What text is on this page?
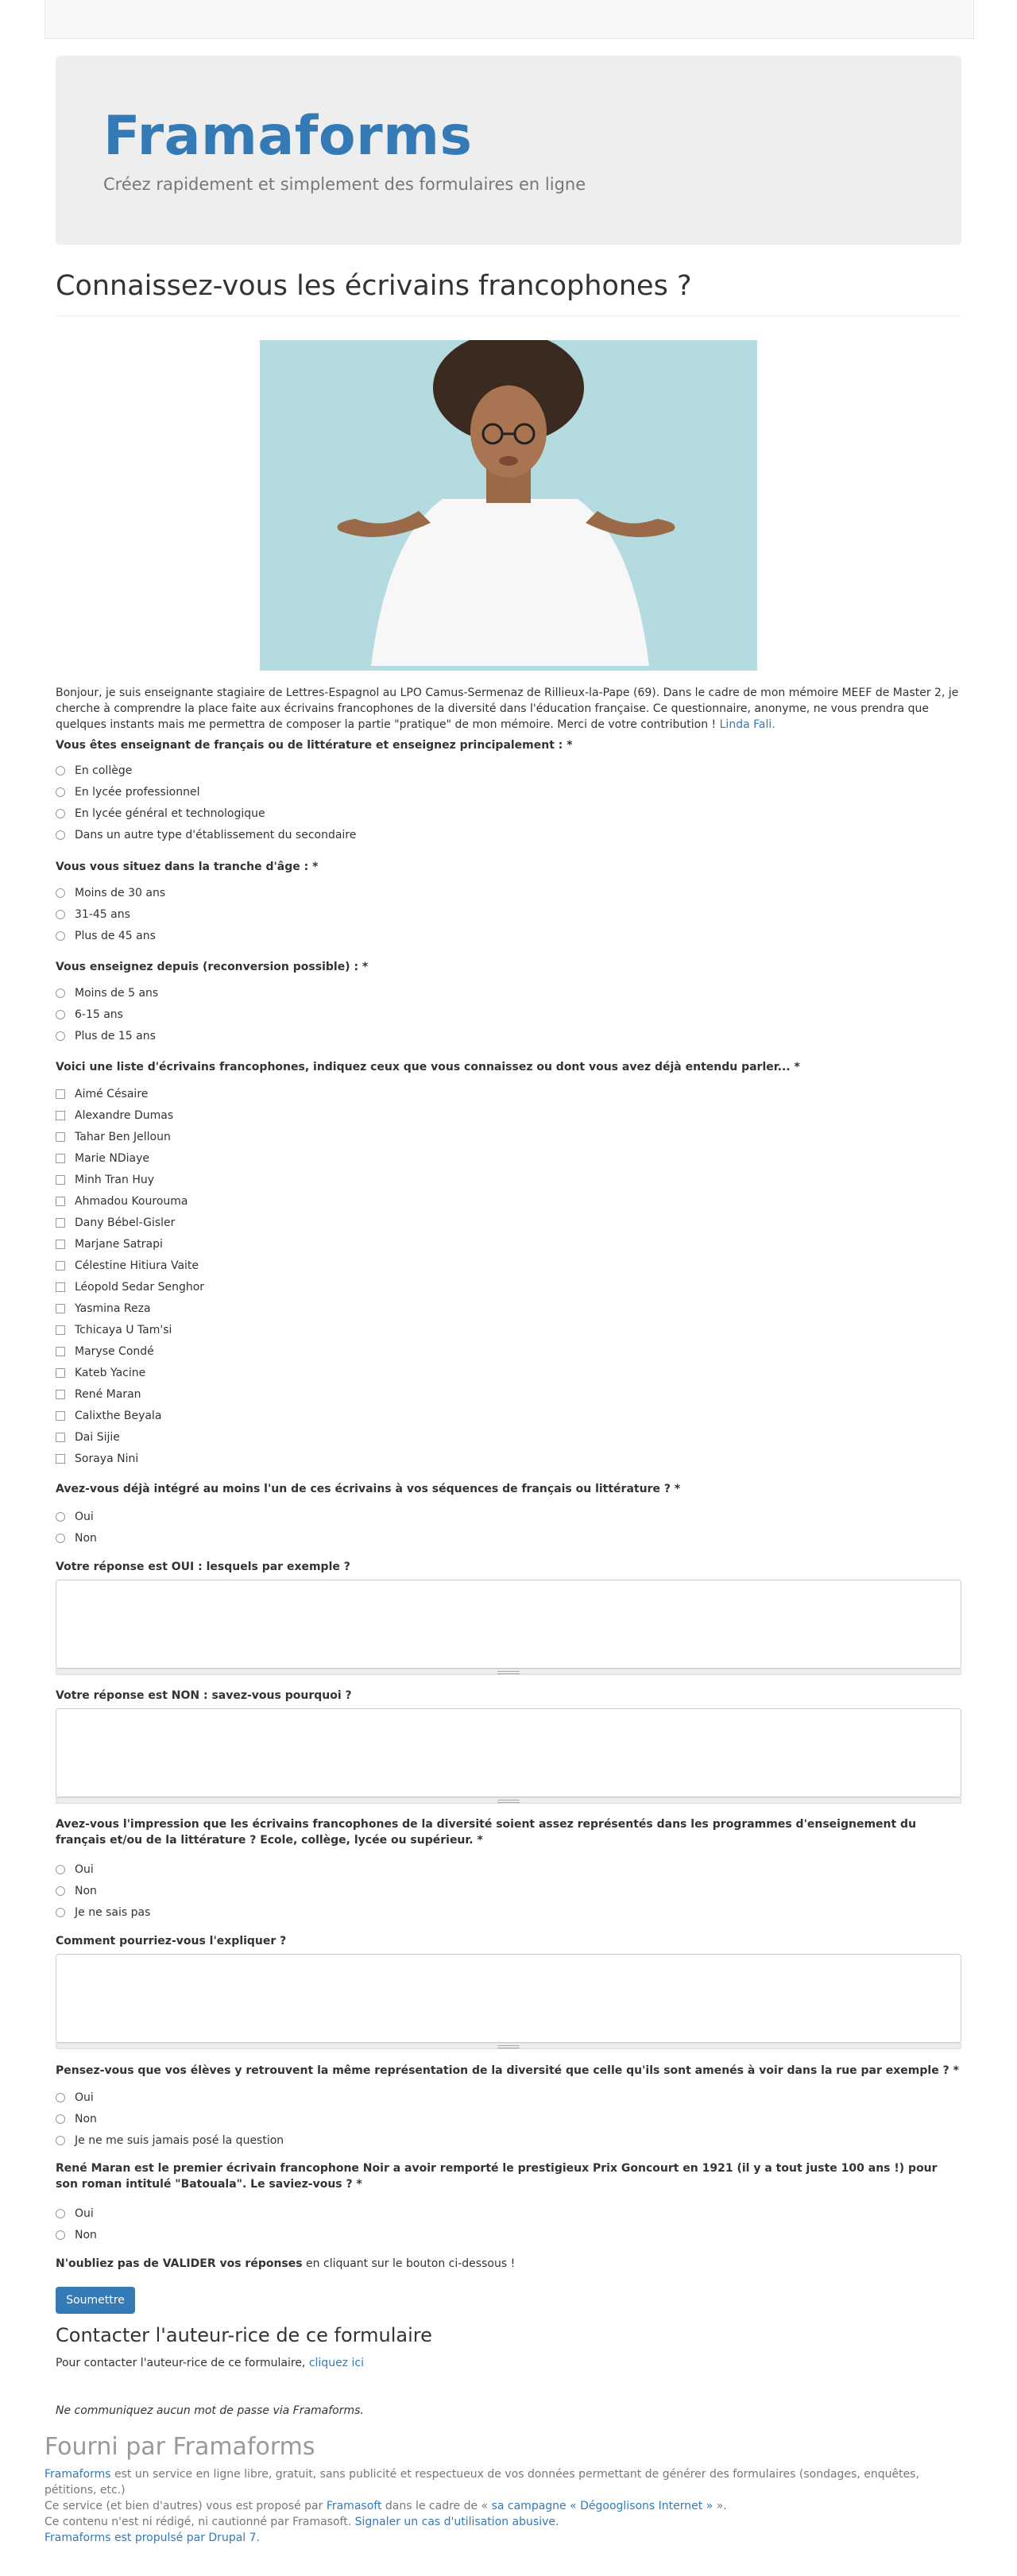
Framaforms
Créez rapidement et simplement des formulaires en ligne
Connaissez-vous les écrivains francophones ?
Bonjour, je suis enseignante stagiaire de Lettres-Espagnol au LPO Camus-Sermenaz de Rillieux-la-Pape (69). Dans le cadre de mon mémoire MEEF de Master 2, je cherche à comprendre la place faite aux écrivains francophones de la diversité dans l'éducation française. Ce questionnaire, anonyme, ne vous prendra que quelques instants mais me permettra de composer la partie "pratique" de mon mémoire. Merci de votre contribution ! Linda Fali.
Vous êtes enseignant de français ou de littérature et enseignez principalement : *
En collège
En lycée professionnel
En lycée général et technologique
Dans un autre type d'établissement du secondaire
Vous vous situez dans la tranche d'âge : *
Moins de 30 ans
31-45 ans
Plus de 45 ans
Vous enseignez depuis (reconversion possible) : *
Moins de 5 ans
6-15 ans
Plus de 15 ans
Voici une liste d'écrivains francophones, indiquez ceux que vous connaissez ou dont vous avez déjà entendu parler... *
Aimé Césaire
Alexandre Dumas
Tahar Ben Jelloun
Marie NDiaye
Minh Tran Huy
Ahmadou Kourouma
Dany Bébel-Gisler
Marjane Satrapi
Célestine Hitiura Vaite
Léopold Sedar Senghor
Yasmina Reza
Tchicaya U Tam'si
Maryse Condé
Kateb Yacine
René Maran
Calixthe Beyala
Dai Sijie
Soraya Nini
Avez-vous déjà intégré au moins l'un de ces écrivains à vos séquences de français ou littérature ? *
Oui
Non
Votre réponse est OUI : lesquels par exemple ?
Votre réponse est NON : savez-vous pourquoi ?
Avez-vous l'impression que les écrivains francophones de la diversité soient assez représentés dans les programmes d'enseignement du
français et/ou de la littérature ? Ecole, collège, lycée ou supérieur. *
Oui
Non
Je ne sais pas
Comment pourriez-vous l'expliquer ?
Pensez-vous que vos élèves y retrouvent la même représentation de la diversité que celle qu'ils sont amenés à voir dans la rue par exemple ? *
Oui
Non
Je ne me suis jamais posé la question
René Maran est le premier écrivain francophone Noir a avoir remporté le prestigieux Prix Goncourt en 1921 (il y a tout juste 100 ans !) pour
son roman intitulé "Batouala". Le saviez-vous ? *
Oui
Non
N'oubliez pas de VALIDER vos réponses en cliquant sur le bouton ci-dessous !
Soumettre
Contacter l'auteur-rice de ce formulaire
Pour contacter l'auteur-rice de ce formulaire, cliquez ici
Ne communiquez aucun mot de passe via Framaforms.
Fourni par Framaforms
Framaforms est un service en ligne libre, gratuit, sans publicité et respectueux de vos données permettant de générer des formulaires (sondages, enquêtes, pétitions, etc.)
Ce service (et bien d'autres) vous est proposé par Framasoft dans le cadre de « sa campagne « Dégooglisons Internet » ».
Ce contenu n'est ni rédigé, ni cautionné par Framasoft. Signaler un cas d'utilisation abusive.
Framaforms est propulsé par Drupal 7.
